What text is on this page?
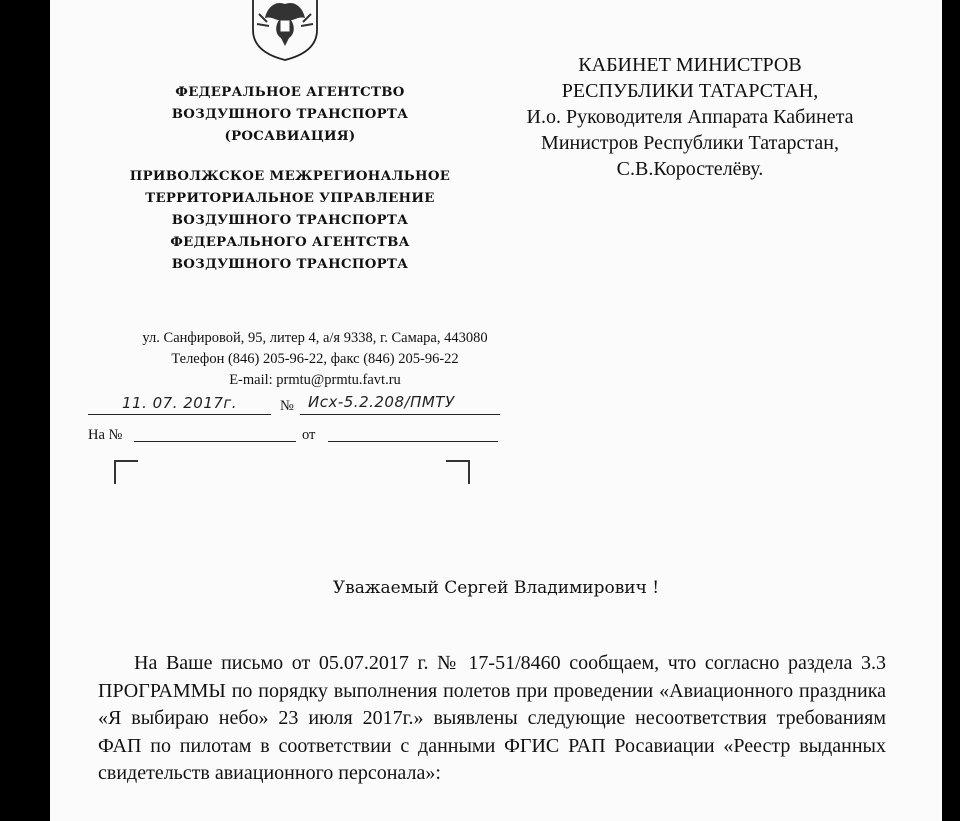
ФЕДЕРАЛЬНОЕ АГЕНТСТВО
ВОЗДУШНОГО ТРАНСПОРТА
(РОСАВИАЦИЯ)
ПРИВОЛЖСКОЕ МЕЖРЕГИОНАЛЬНОЕ
ТЕРРИТОРИАЛЬНОЕ УПРАВЛЕНИЕ
ВОЗДУШНОГО ТРАНСПОРТА
ФЕДЕРАЛЬНОГО АГЕНТСТВА
ВОЗДУШНОГО ТРАНСПОРТА
КАБИНЕТ МИНИСТРОВ
РЕСПУБЛИКИ ТАТАРСТАН,
И.о. Руководителя Аппарата Кабинета
Министров Республики Татарстан,
С.В.Коростелёву.
ул. Санфировой, 95, литер 4, а/я 9338, г. Самара, 443080
Телефон (846) 205-96-22, факс (846) 205-96-22
E-mail: prmtu@prmtu.favt.ru
11. 07. 2017г.	№ Исх-5.2.208/ПМТУ
На №	от
Уважаемый Сергей Владимирович !
На Ваше письмо от 05.07.2017 г. № 17-51/8460 сообщаем, что согласно раздела 3.3 ПРОГРАММЫ по порядку выполнения полетов при проведении «Авиационного праздника «Я выбираю небо» 23 июля 2017г.» выявлены следующие несоответствия требованиям ФАП по пилотам в соответствии с данными ФГИС РАП Росавиации «Реестр выданных свидетельств авиационного персонала»:
